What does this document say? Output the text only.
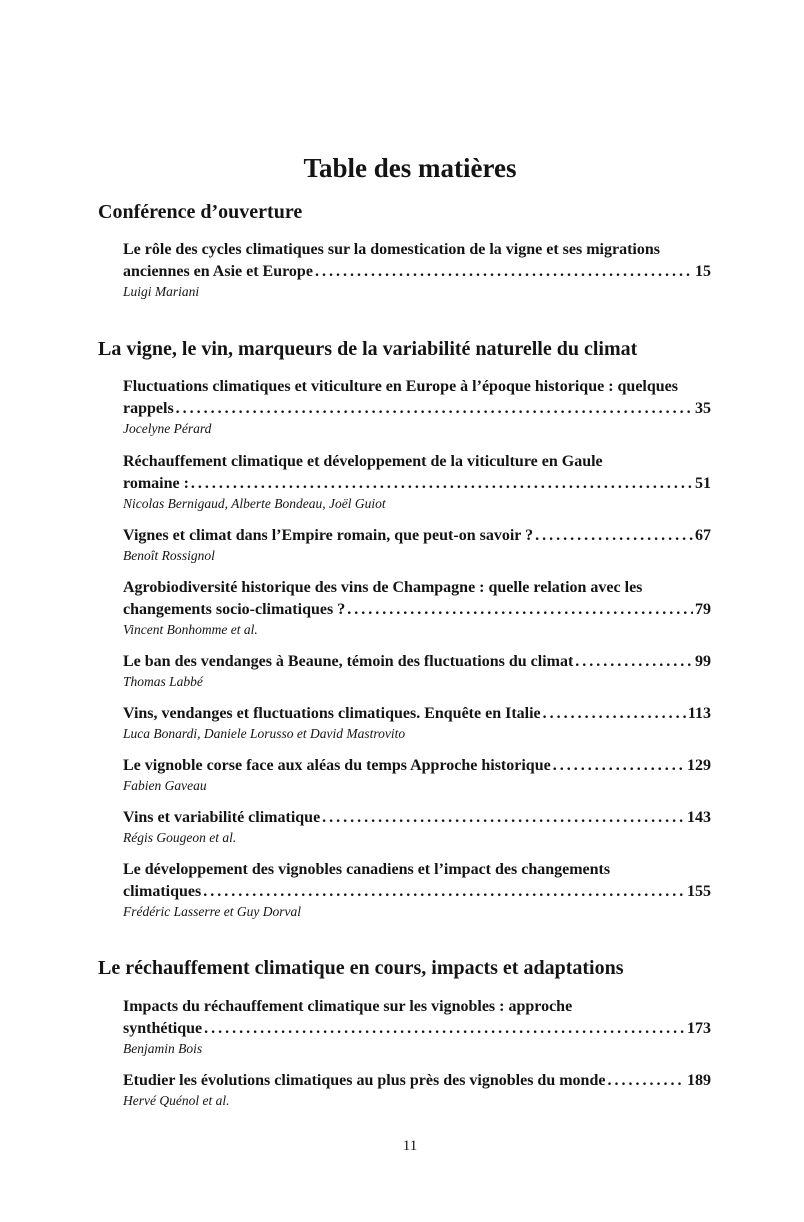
Table des matières
Conférence d’ouverture
Le rôle des cycles climatiques sur la domestication de la vigne et ses migrations
anciennes en Asie et Europe . . .	15
Luigi Mariani
La vigne, le vin, marqueurs de la variabilité naturelle du climat
Fluctuations climatiques et viticulture en Europe à l’époque historique : quelques
rappels . . .	35
Jocelyne Pérard
Réchauffement climatique et développement de la viticulture en Gaule
romaine : . . .	51
Nicolas Bernigaud, Alberte Bondeau, Joël Guiot
Vignes et climat dans l’Empire romain, que peut-on savoir ? . . .	67
Benoît Rossignol
Agrobiodiversité historique des vins de Champagne : quelle relation avec les
changements socio-climatiques ? . . .	79
Vincent Bonhomme et al.
Le ban des vendanges à Beaune, témoin des fluctuations du climat . . .	99
Thomas Labbé
Vins, vendanges et fluctuations climatiques. Enquête en Italie . . .	113
Luca Bonardi, Daniele Lorusso et David Mastrovito
Le vignoble corse face aux aléas du temps Approche historique . . .	129
Fabien Gaveau
Vins et variabilité climatique . . .	143
Régis Gougeon et al.
Le développement des vignobles canadiens et l’impact des changements
climatiques . . .	155
Frédéric Lasserre et Guy Dorval
Le réchauffement climatique en cours, impacts et adaptations
Impacts du réchauffement climatique sur les vignobles : approche
synthétique . . .	173
Benjamin Bois
Etudier les évolutions climatiques au plus près des vignobles du monde . . .	189
Hervé Quénol et al.
11
